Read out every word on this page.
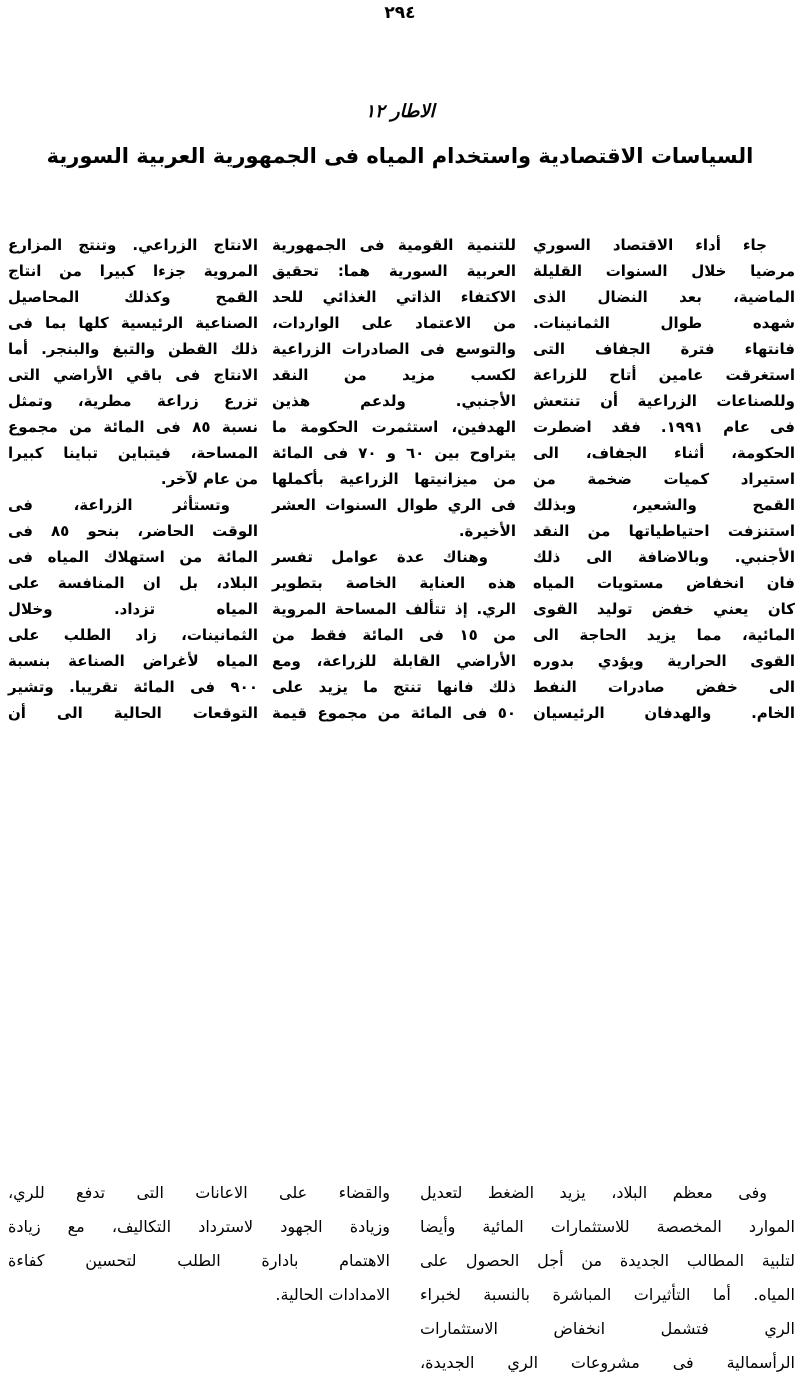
٢٩٤
الاطار ١٢
السياسات الاقتصادية واستخدام المياه فى الجمهورية العربية السورية
جاء أداء الاقتصاد السوري
مرضيا خلال السنوات القليلة
الماضية، بعد النضال الذى
شهده طوال الثمانينات.
فانتهاء فترة الجفاف التى
استغرقت عامين أتاح للزراعة
وللصناعات الزراعية أن تنتعش
فى عام ١٩٩١. فقد اضطرت
الحكومة، أثناء الجفاف، الى
استيراد كميات ضخمة من
القمح والشعير، وبذلك
استنزفت احتياطياتها من النقد
الأجنبي. وبالاضافة الى ذلك
فان انخفاض مستويات المياه
كان يعني خفض توليد القوى
المائية، مما يزيد الحاجة الى
القوى الحرارية ويؤدي بدوره
الى خفض صادرات النفط
الخام. والهدفان الرئيسيان
للتنمية القومية فى الجمهورية
العربية السورية هما: تحقيق
الاكتفاء الذاتي الغذائي للحد
من الاعتماد على الواردات،
والتوسع فى الصادرات الزراعية
لكسب مزيد من النقد
الأجنبي. ولدعم هذين
الهدفين، استثمرت الحكومة ما
يتراوح بين ٦٠ و ٧٠ فى المائة
من ميزانيتها الزراعية بأكملها
فى الري طوال السنوات العشر
الأخيرة.
وهناك عدة عوامل تفسر
هذه العناية الخاصة بتطوير
الري. إذ تتألف المساحة المروية
من ١٥ فى المائة فقط من
الأراضي القابلة للزراعة، ومع
ذلك فانها تنتج ما يزيد على
٥٠ فى المائة من مجموع قيمة
الانتاج الزراعي. وتنتج المزارع
المروية جزءا كبيرا من انتاج
القمح وكذلك المحاصيل
الصناعية الرئيسية كلها بما فى
ذلك القطن والتبغ والبنجر. أما
الانتاج فى باقي الأراضي التى
تزرع زراعة مطرية، وتمثل
نسبة ٨٥ فى المائة من مجموع
المساحة، فيتباين تباينا كبيرا
من عام لآخر.
وتستأثر الزراعة، فى
الوقت الحاضر، بنحو ٨٥ فى
المائة من استهلاك المياه فى
البلاد، بل ان المنافسة على
المياه تزداد. وخلال
الثمانينات، زاد الطلب على
المياه لأغراض الصناعة بنسبة
٩٠٠ فى المائة تقريبا. وتشير
التوقعات الحالية الى أن
وفى معظم البلاد، يزيد الضغط لتعديل
الموارد المخصصة للاستثمارات المائية وأيضا
لتلبية المطالب الجديدة من أجل الحصول على
المياه. أما التأثيرات المباشرة بالنسبة لخبراء
الري فتشمل انخفاض الاستثمارات
الرأسمالية فى مشروعات الري الجديدة،
والقضاء على الاعانات التى تدفع للري،
وزيادة الجهود لاسترداد التكاليف، مع زيادة
الاهتمام بادارة الطلب لتحسين كفاءة
الامدادات الحالية.
